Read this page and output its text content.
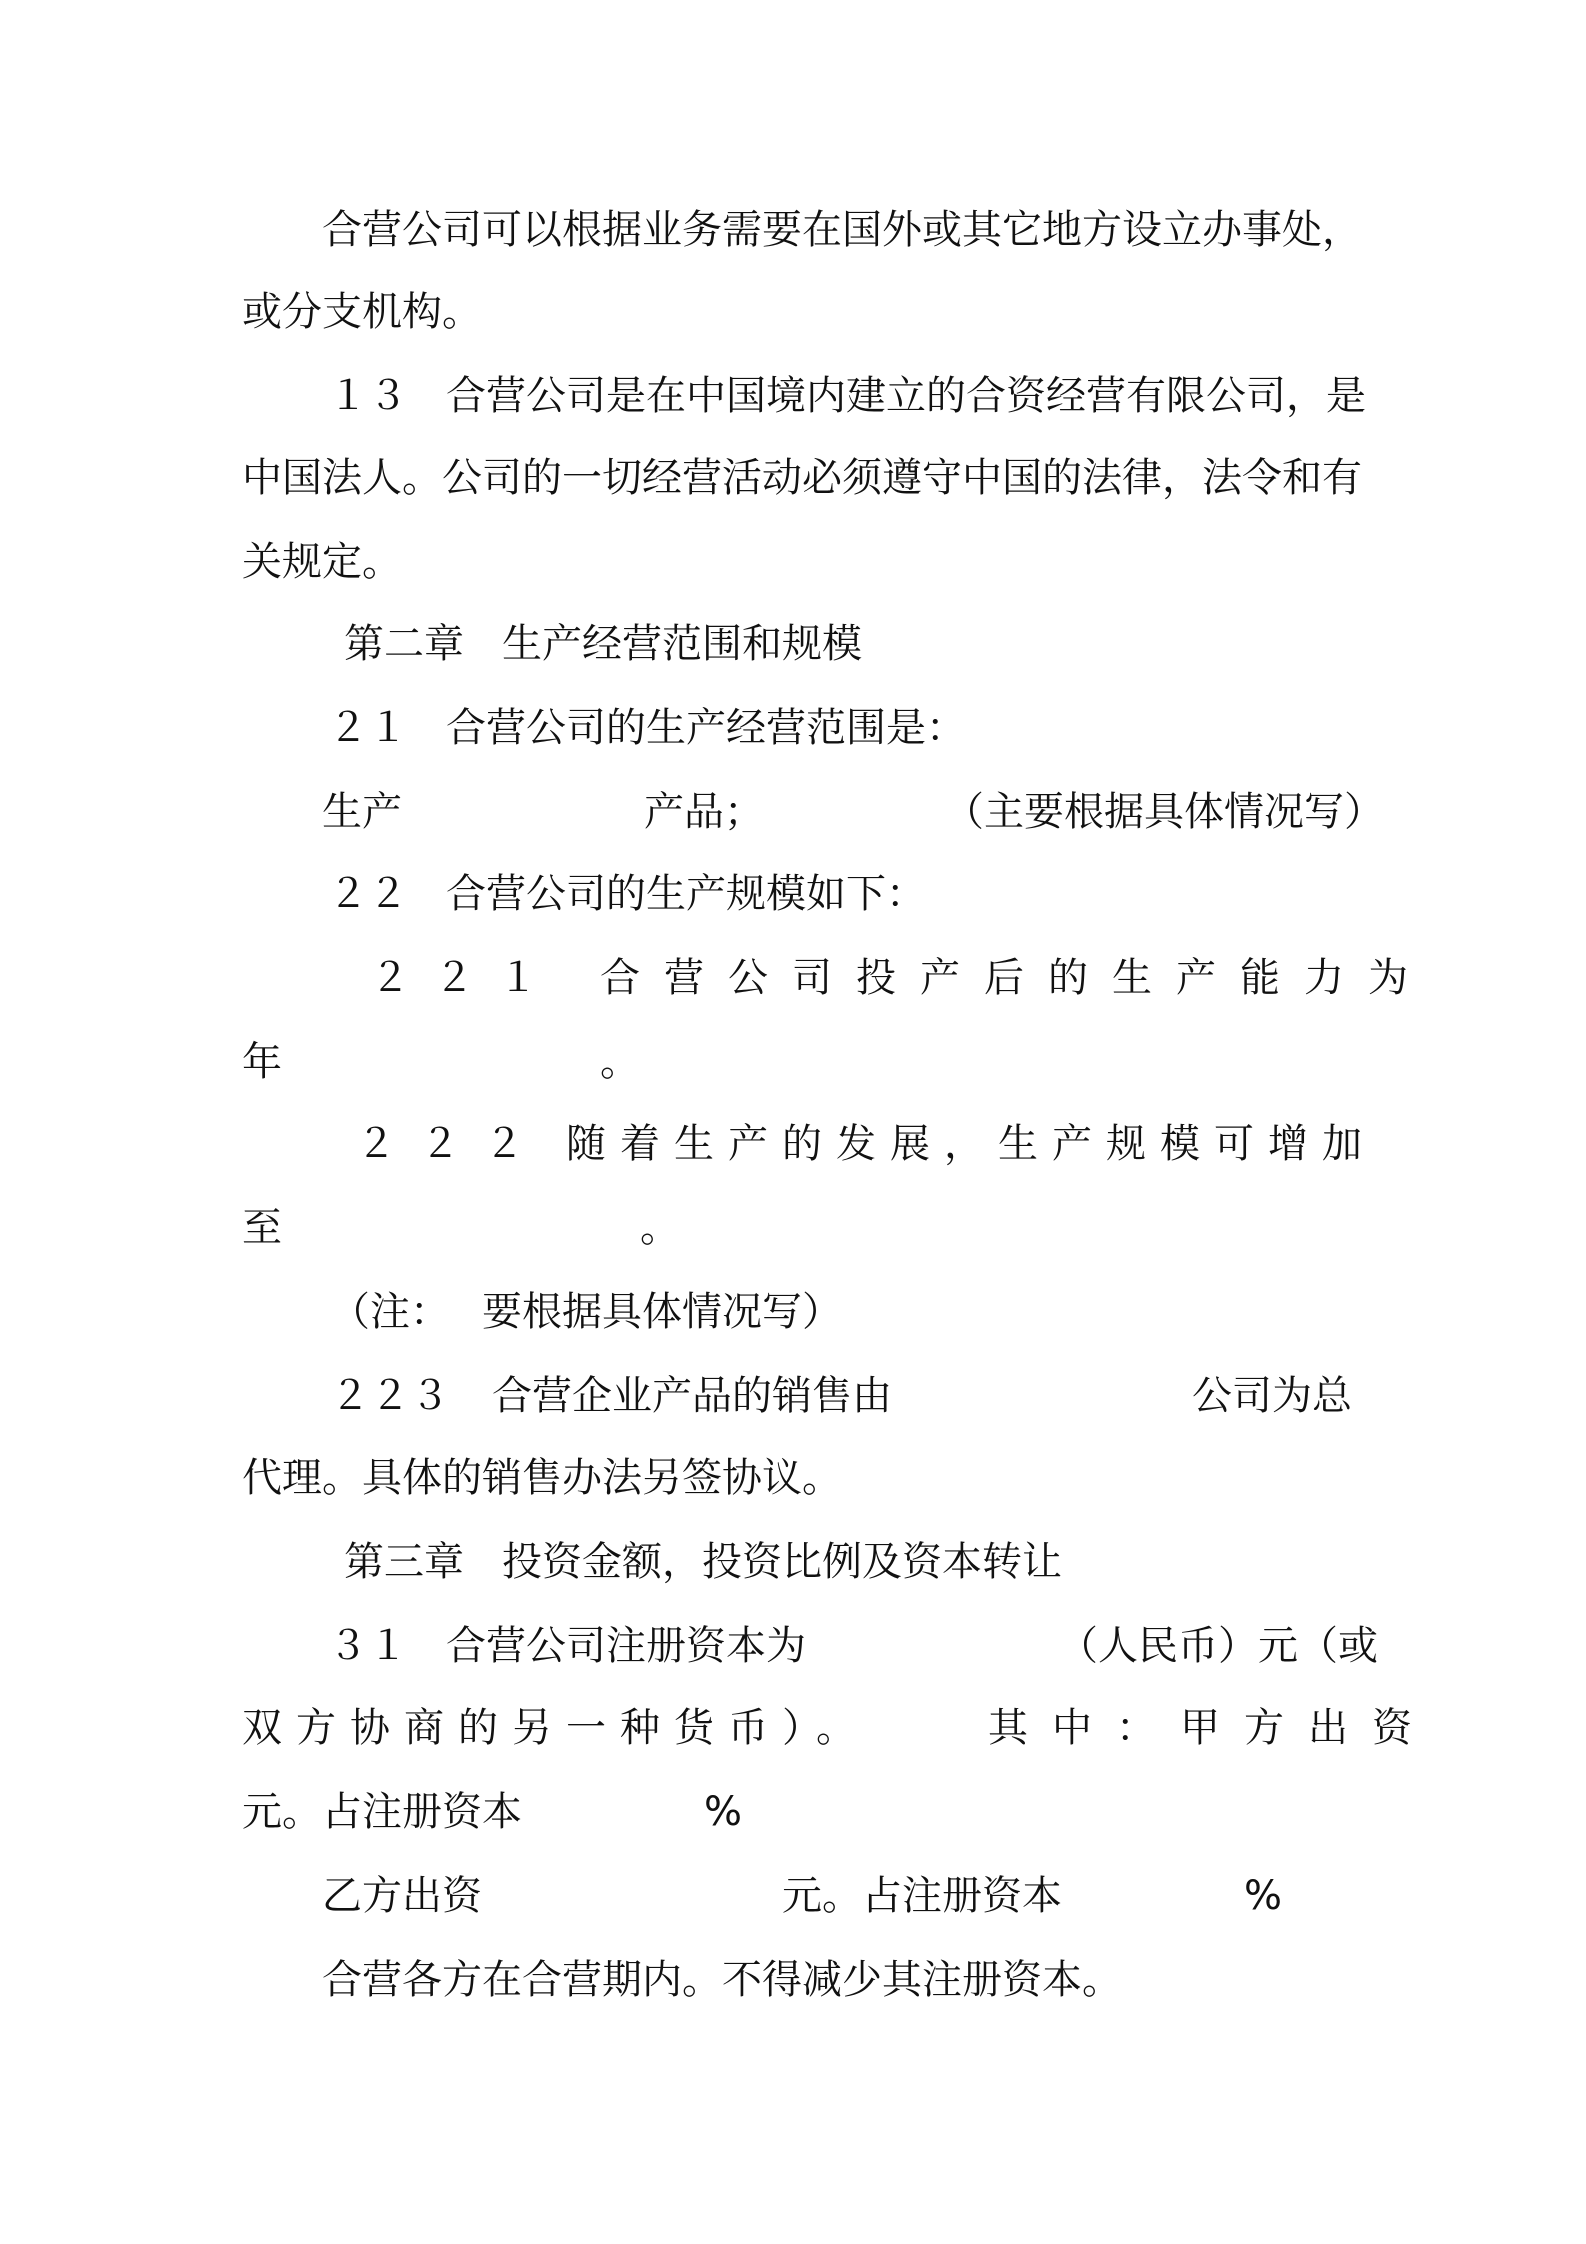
合营公司可以根据业务需要在国外或其它地方设立办事处，
或分支机构。
１３ 合营公司是在中国境内建立的合资经营有限公司，是
中国法人。公司的一切经营活动必须遵守中国的法律，法令和有
关规定。
第二章 生产经营范围和规模
２１ 合营公司的生产经营范围是：
生产	产品；	（主要根据具体情况写）
２２ 合营公司的生产规模如下：
２２１ 合营公司投产后的生产能力为
年	。
２２２ 随着生产的发展，生产规模可增加
至	。
（注： 要根据具体情况写）
２２３ 合营企业产品的销售由	公司为总
代理。具体的销售办法另签协议。
第三章 投资金额，投资比例及资本转让
３１ 合营公司注册资本为	（人民币）元（或
双方协商的另一种货币）。	其中：甲方出资
元。占注册资本	%
乙方出资	元。占注册资本	%
合营各方在合营期内。不得减少其注册资本。
